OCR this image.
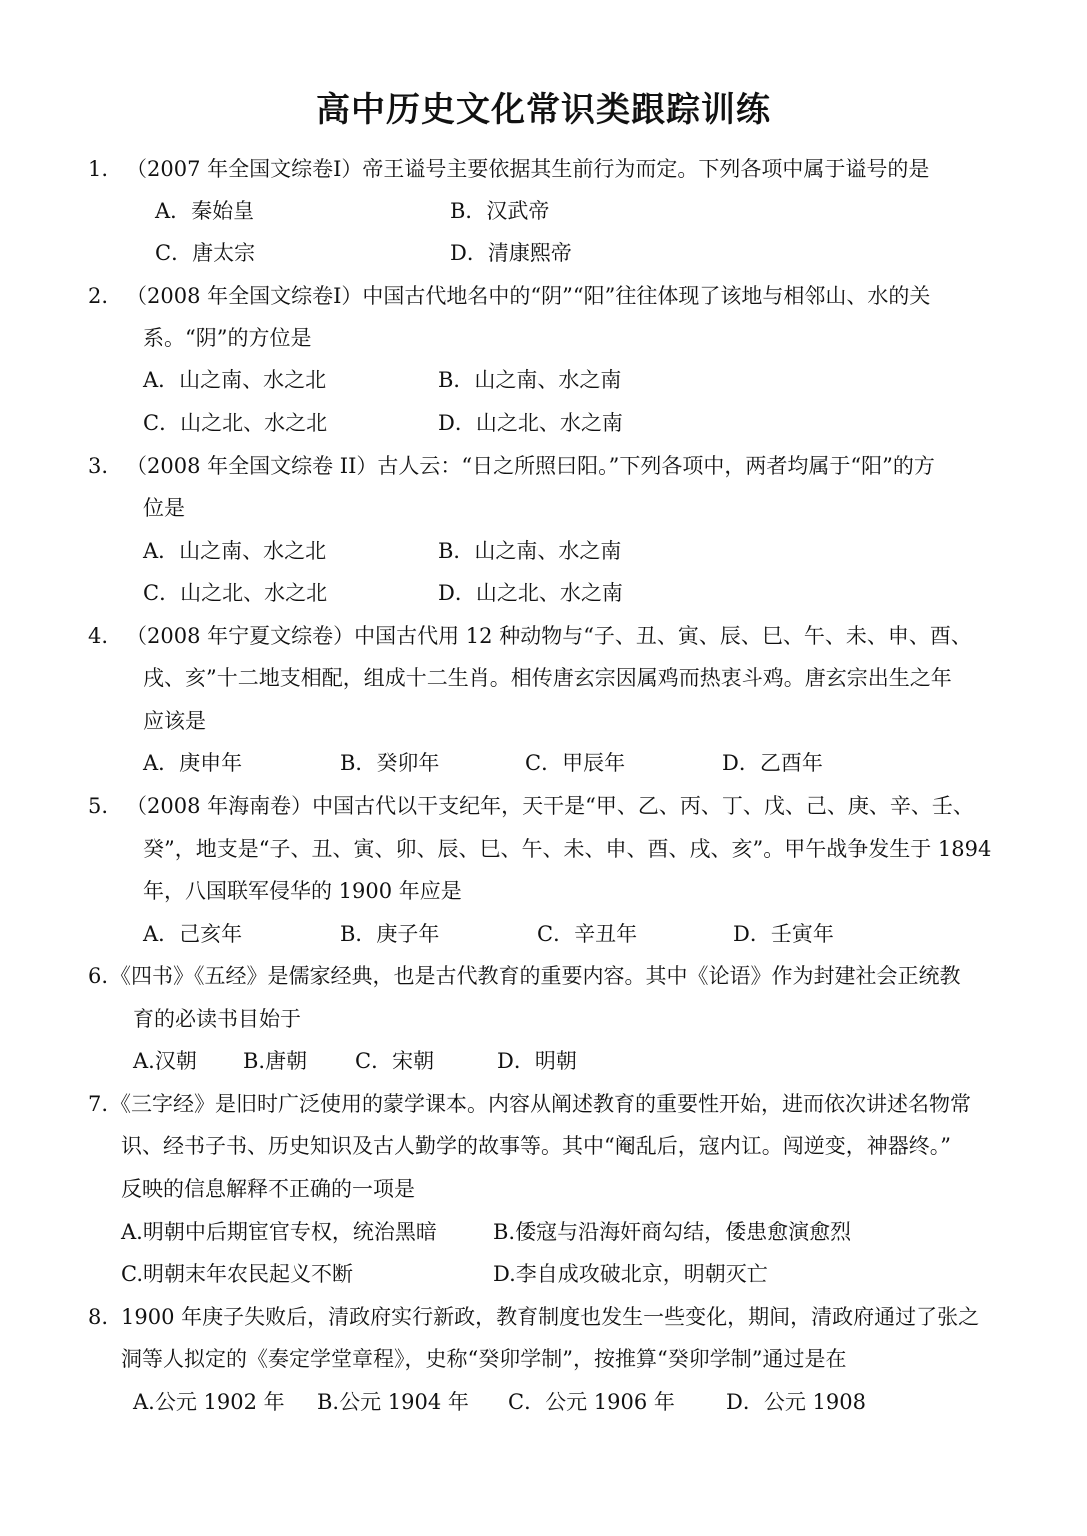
高中历史文化常识类跟踪训练
1. （2007 年全国文综卷Ⅰ）帝王谥号主要依据其生前行为而定。下列各项中属于谥号的是
A．秦始皇	B．汉武帝
C．唐太宗	D．清康熙帝
2. （2008 年全国文综卷Ⅰ）中国古代地名中的“阴”“阳”往往体现了该地与相邻山、水的关
系。“阴”的方位是
A．山之南、水之北	B．山之南、水之南
C．山之北、水之北	D．山之北、水之南
3. （2008 年全国文综卷 II）古人云：“日之所照曰阳。”下列各项中，两者均属于“阳”的方
位是
A．山之南、水之北	B．山之南、水之南
C．山之北、水之北	D．山之北、水之南
4. （2008 年宁夏文综卷）中国古代用 12 种动物与“子、丑、寅、辰、巳、午、未、申、酉、
戌、亥”十二地支相配，组成十二生肖。相传唐玄宗因属鸡而热衷斗鸡。唐玄宗出生之年
应该是
A．庚申年	B．癸卯年	C．甲辰年	D．乙酉年
5. （2008 年海南卷）中国古代以干支纪年，天干是“甲、乙、丙、丁、戊、己、庚、辛、壬、
癸”，地支是“子、丑、寅、卯、辰、巳、午、未、申、酉、戌、亥”。甲午战争发生于 1894
年，八国联军侵华的 1900 年应是
A．己亥年	B．庚子年	C．辛丑年	D．壬寅年
6.《四书》《五经》是儒家经典，也是古代教育的重要内容。其中《论语》作为封建社会正统教
育的必读书目始于
A.汉朝 B.唐朝 C．宋朝	D．明朝
7.《三字经》是旧时广泛使用的蒙学课本。内容从阐述教育的重要性开始，进而依次讲述名物常
识、经书子书、历史知识及古人勤学的故事等。其中“阉乱后，寇内讧。闯逆变，神器终。”
反映的信息解释不正确的一项是
A.明朝中后期宦官专权，统治黑暗	B.倭寇与沿海奸商勾结，倭患愈演愈烈
C.明朝末年农民起义不断	D.李自成攻破北京，明朝灭亡
8. 1900 年庚子失败后，清政府实行新政，教育制度也发生一些变化，期间，清政府通过了张之
洞等人拟定的《奏定学堂章程》，史称“癸卯学制”，按推算“癸卯学制”通过是在
A.公元 1902 年 B.公元 1904 年 C．公元 1906 年 D．公元 1908
